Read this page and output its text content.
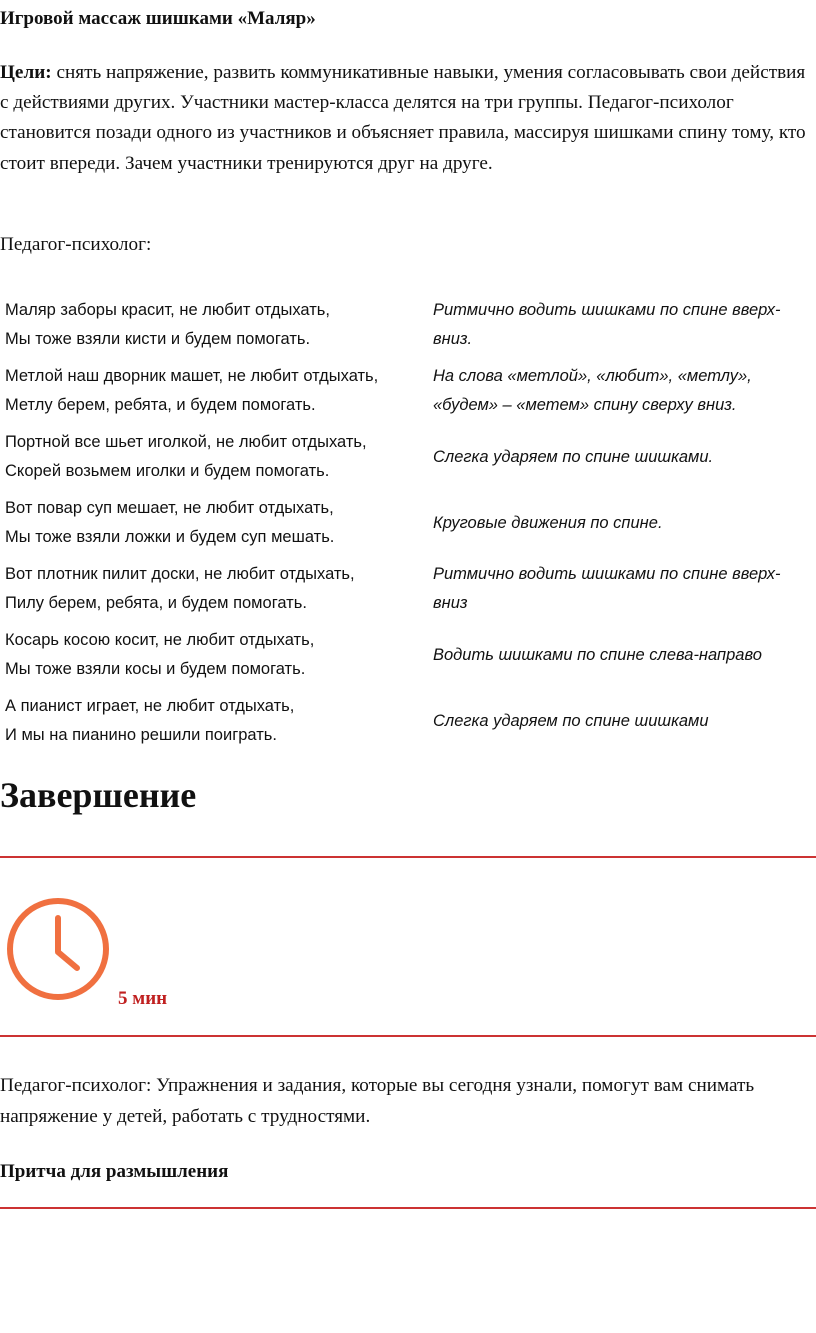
Игровой массаж шишками «Маляр»
Цели: снять напряжение, развить коммуникативные навыки, умения согласовывать свои действия с действиями других. Участники мастер-класса делятся на три группы. Педагог-психолог становится позади одного из участников и объясняет правила, массируя шишками спину тому, кто стоит впереди. Зачем участники тренируются друг на друге.
Педагог-психолог:
Маляр заборы красит, не любит отдыхать,
Мы тоже взяли кисти и будем помогать.	Ритмично водить шишками по спине вверх-вниз.

Метлой наш дворник машет, не любит отдыхать,
Метлу берем, ребята, и будем помогать.	На слова «метлой», «любит», «метлу», «будем» – «метем» спину сверху вниз.

Портной все шьет иголкой, не любит отдыхать,
Скорей возьмем иголки и будем помогать.	Слегка ударяем по спине шишками.

Вот повар суп мешает, не любит отдыхать,
Мы тоже взяли ложки и будем суп мешать.	Круговые движения по спине.

Вот плотник пилит доски, не любит отдыхать,
Пилу берем, ребята, и будем помогать.	Ритмично водить шишками по спине вверх-вниз

Косарь косою косит, не любит отдыхать,
Мы тоже взяли косы и будем помогать.	Водить шишками по спине слева-направо

А пианист играет, не любит отдыхать,
И мы на пианино решили поиграть.	Слегка ударяем по спине шишками
Завершение
5 мин
Педагог-психолог: Упражнения и задания, которые вы сегодня узнали, помогут вам снимать напряжение у детей, работать с трудностями.
Притча для размышления
